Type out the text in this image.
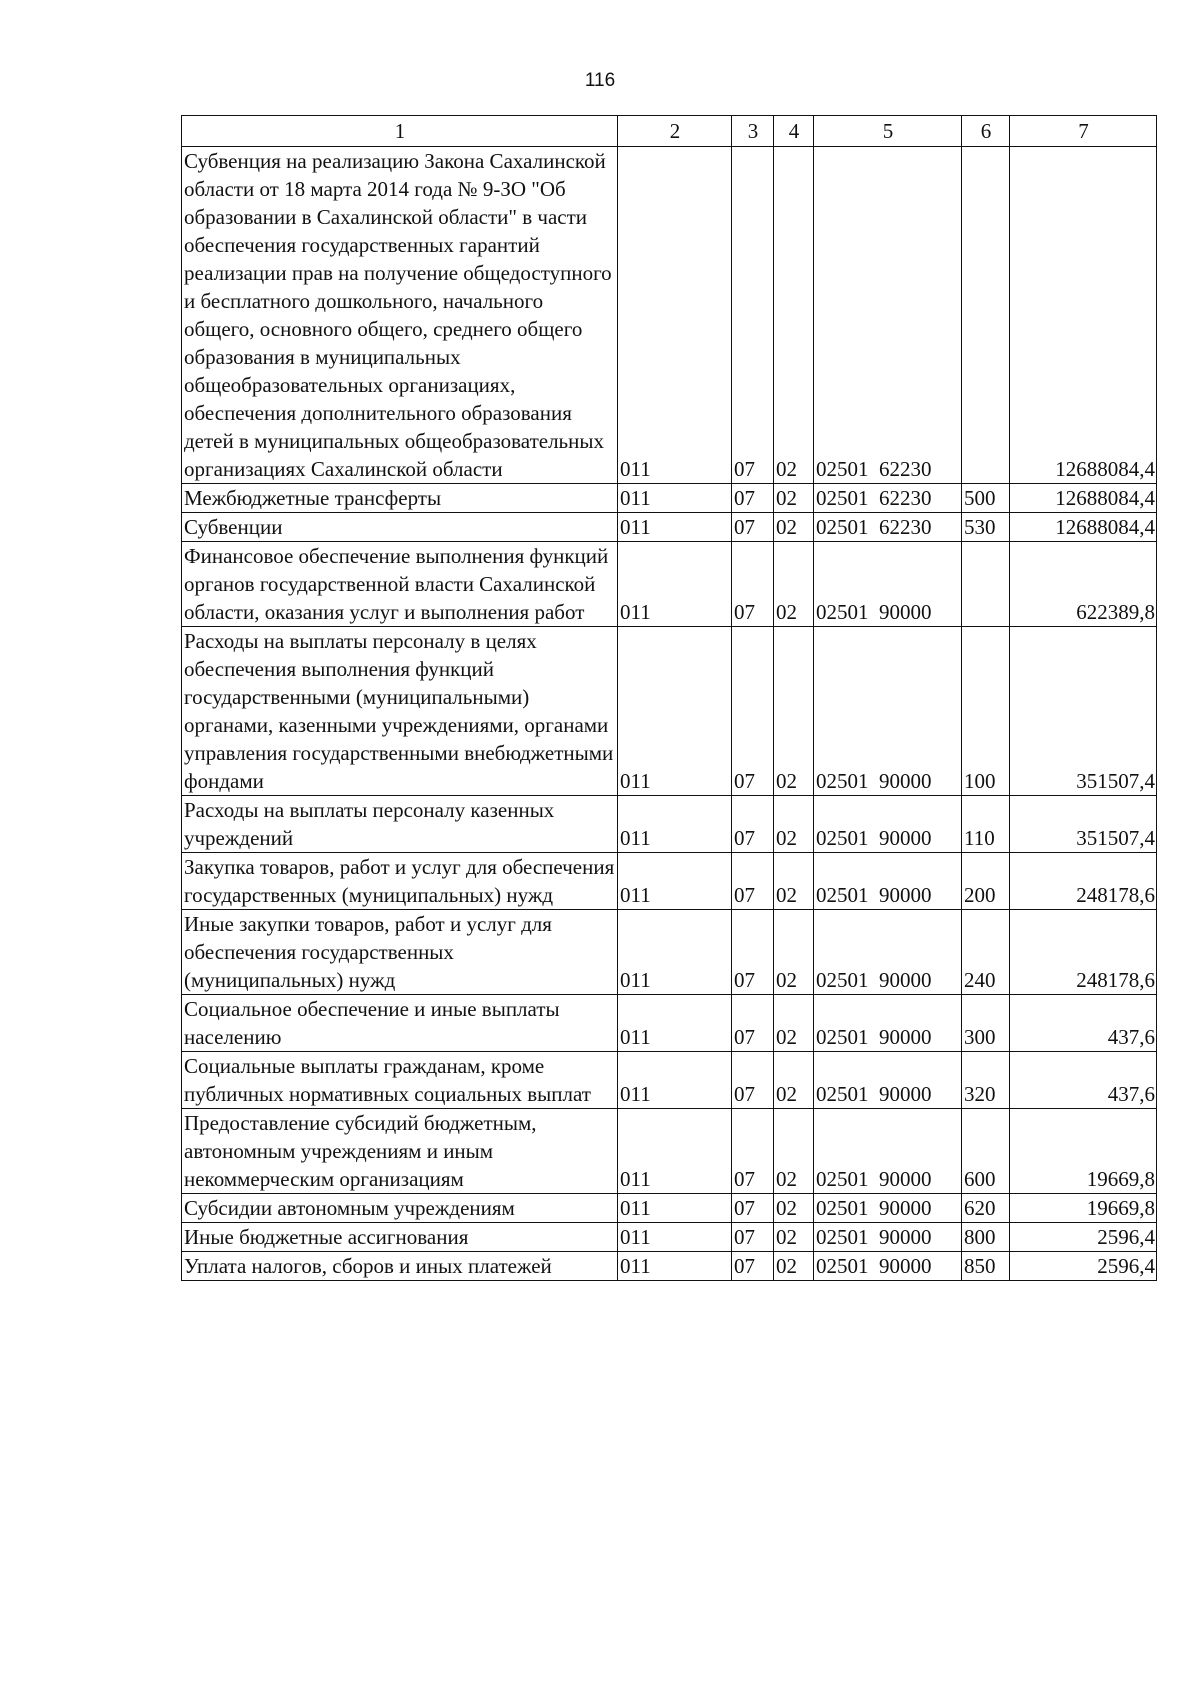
116
1	2	3	4	5	6	7
Субвенция на реализацию Закона Сахалинской области от 18 марта 2014 года № 9-ЗО "Об образовании в Сахалинской области" в части обеспечения государственных гарантий реализации прав на получение общедоступного и бесплатного дошкольного, начального общего, основного общего, среднего общего образования в муниципальных общеобразовательных организациях, обеспечения дополнительного образования детей в муниципальных общеобразовательных организациях Сахалинской области	011	07	02	02501  62230		12688084,4
Межбюджетные трансферты	011	07	02	02501  62230	500	12688084,4
Субвенции	011	07	02	02501  62230	530	12688084,4
Финансовое обеспечение выполнения функций органов государственной власти Сахалинской области, оказания услуг и выполнения работ	011	07	02	02501  90000		622389,8
Расходы на выплаты персоналу в целях обеспечения выполнения функций государственными (муниципальными) органами, казенными учреждениями, органами управления государственными внебюджетными фондами	011	07	02	02501  90000	100	351507,4
Расходы на выплаты персоналу казенных учреждений	011	07	02	02501  90000	110	351507,4
Закупка товаров, работ и услуг для обеспечения государственных (муниципальных) нужд	011	07	02	02501  90000	200	248178,6
Иные закупки товаров, работ и услуг для обеспечения государственных (муниципальных) нужд	011	07	02	02501  90000	240	248178,6
Социальное обеспечение и иные выплаты населению	011	07	02	02501  90000	300	437,6
Социальные выплаты гражданам, кроме публичных нормативных социальных выплат	011	07	02	02501  90000	320	437,6
Предоставление субсидий бюджетным, автономным учреждениям и иным некоммерческим организациям	011	07	02	02501  90000	600	19669,8
Субсидии автономным учреждениям	011	07	02	02501  90000	620	19669,8
Иные бюджетные ассигнования	011	07	02	02501  90000	800	2596,4
Уплата налогов, сборов и иных платежей	011	07	02	02501  90000	850	2596,4
